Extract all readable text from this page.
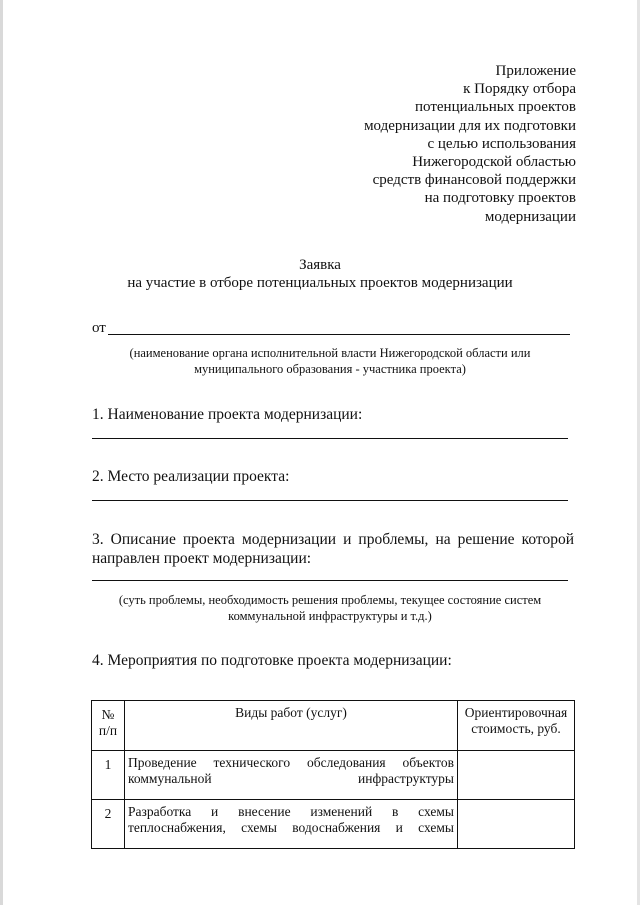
Приложение
к Порядку отбора
потенциальных проектов
модернизации для их подготовки
с целью использования
Нижегородской областью
средств финансовой поддержки
на подготовку проектов
модернизации
Заявка
на участие в отборе потенциальных проектов модернизации
от
(наименование органа исполнительной власти Нижегородской области или муниципального образования - участника проекта)
1. Наименование проекта модернизации:
2. Место реализации проекта:
3. Описание проекта модернизации и проблемы, на решение которой направлен проект модернизации:
(суть проблемы, необходимость решения проблемы, текущее состояние систем коммунальной инфраструктуры и т.д.)
4. Мероприятия по подготовке проекта модернизации:
№ п/п	Виды работ (услуг)	Ориентировочная стоимость, руб.
1	Проведение технического обследования объектов коммунальной инфраструктуры	
2	Разработка и внесение изменений в схемы теплоснабжения, схемы водоснабжения и схемы	
